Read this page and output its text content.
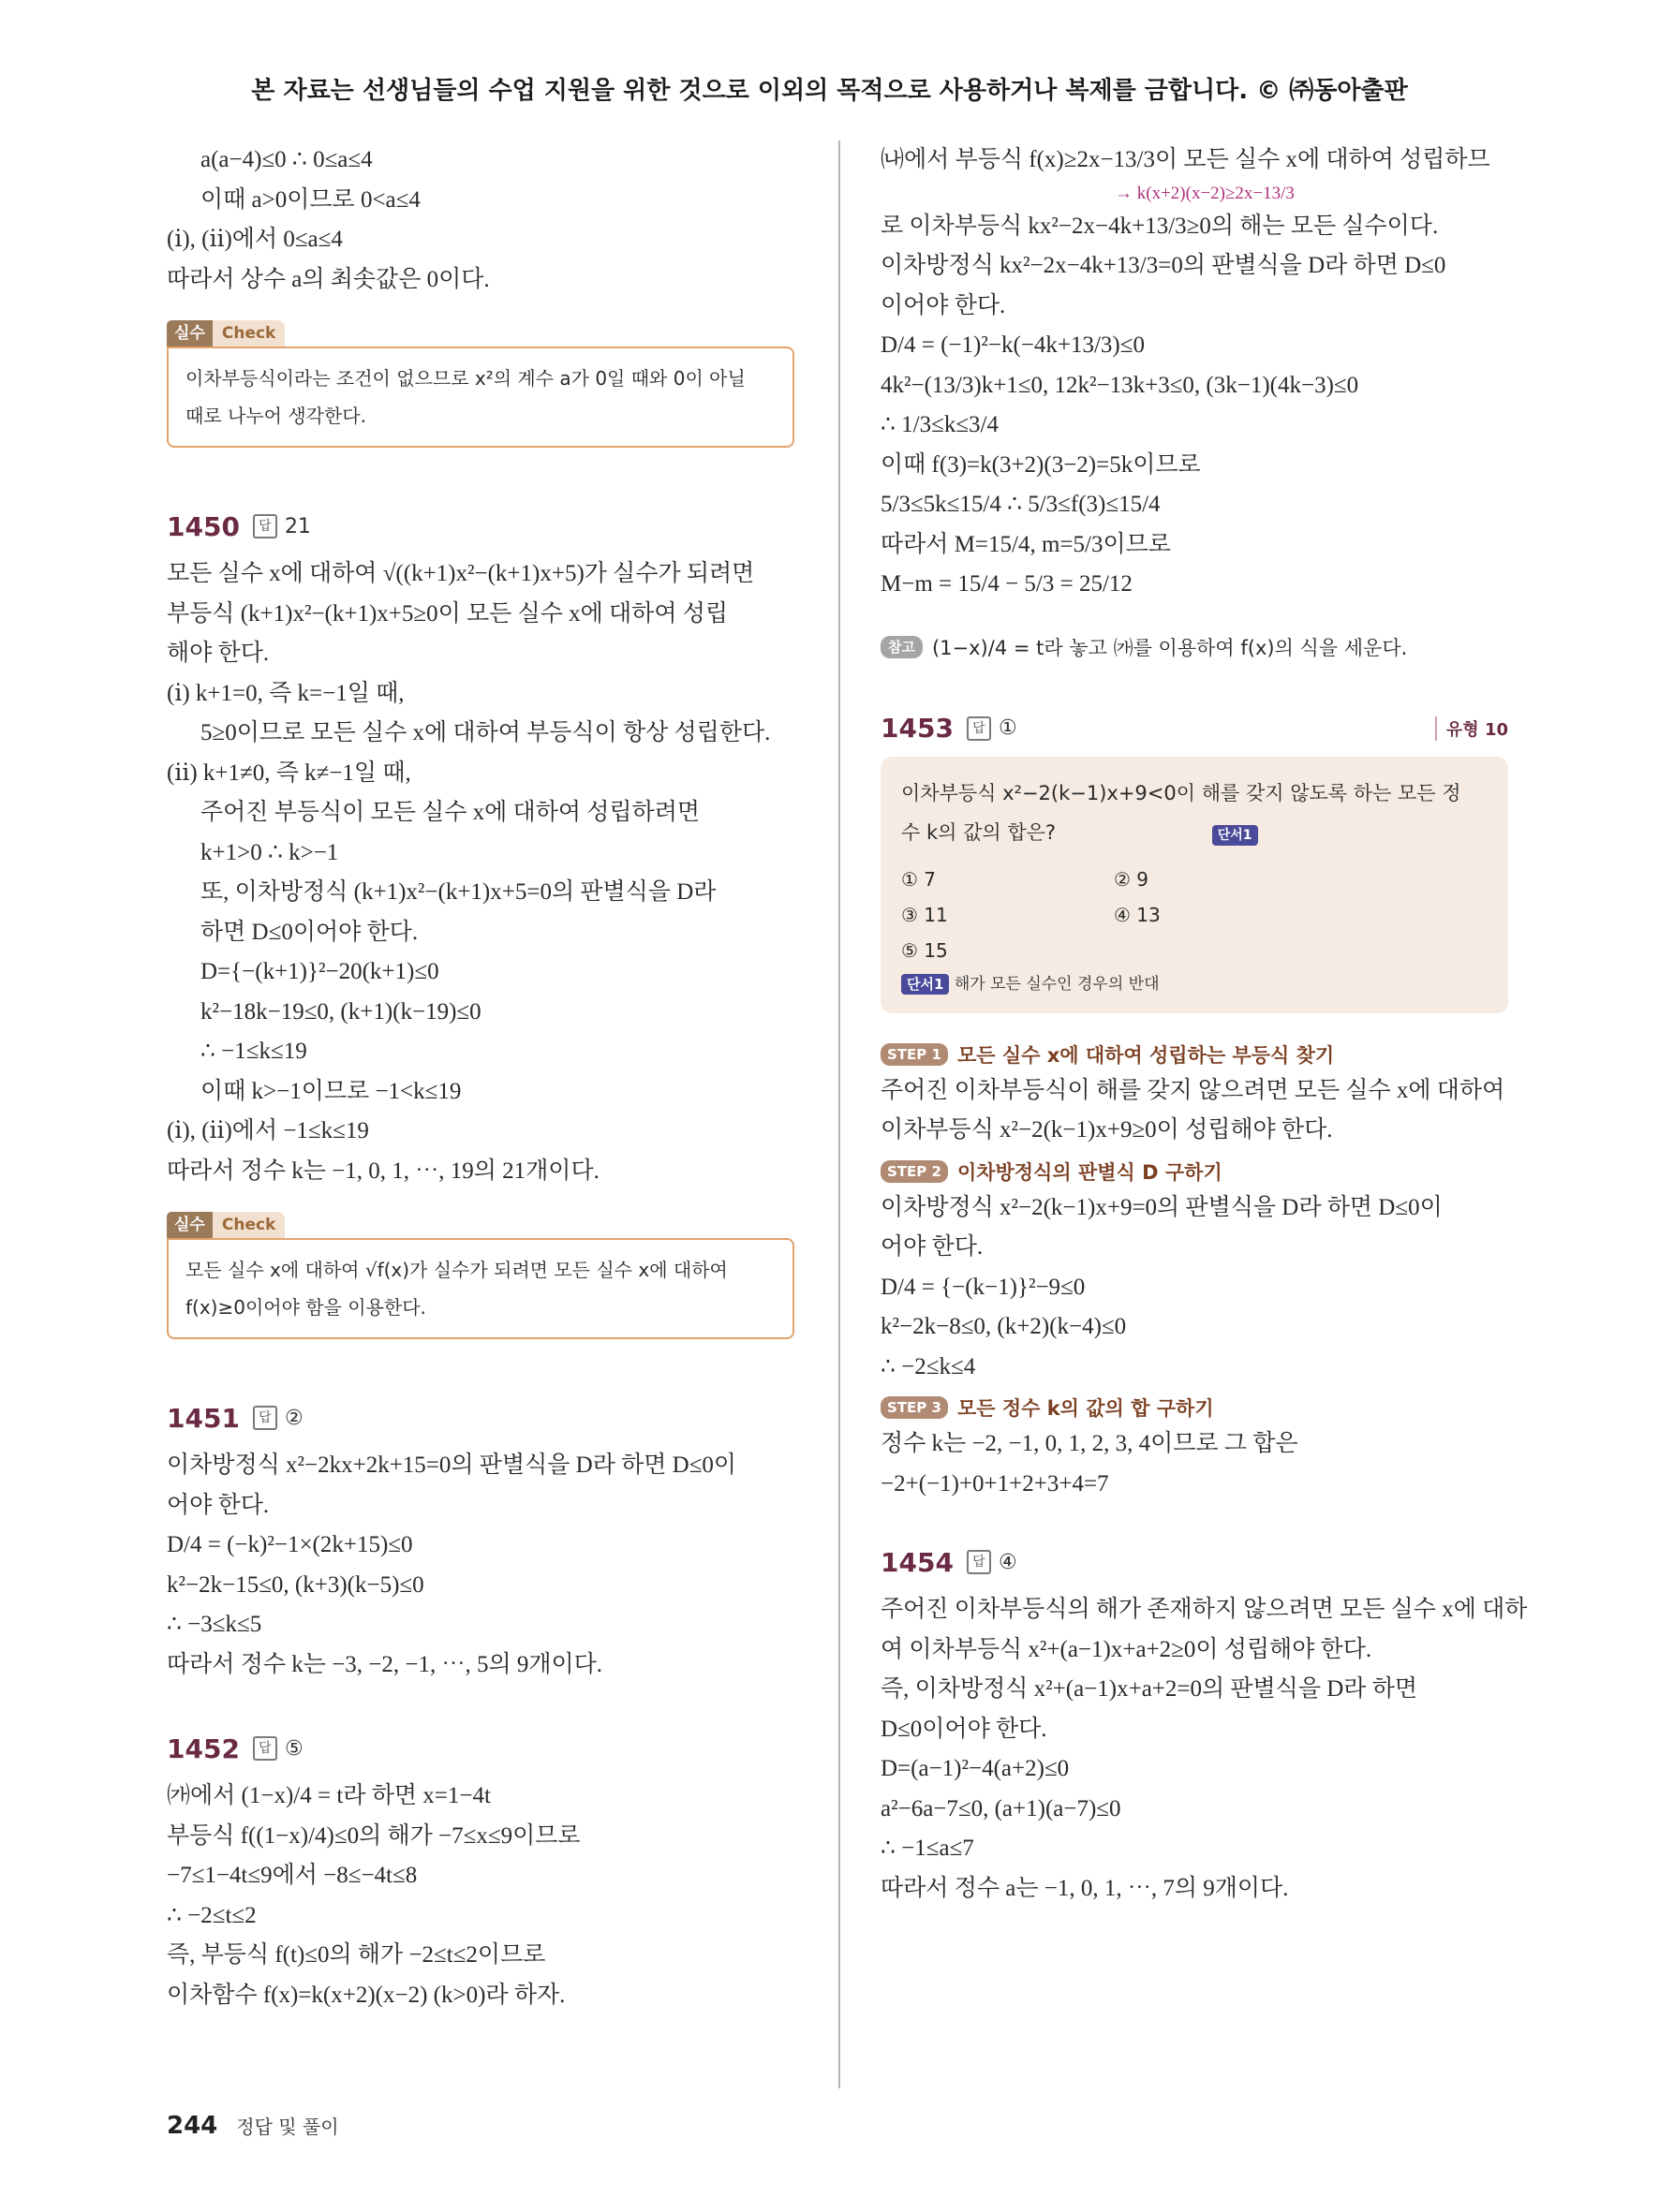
본 자료는 선생님들의 수업 지원을 위한 것으로 이외의 목적으로 사용하거나 복제를 금합니다. © ㈜동아출판
a(a−4)≤0 ∴ 0≤a≤4
이때 a>0이므로 0<a≤4
(ⅰ), (ⅱ)에서 0≤a≤4
따라서 상수 a의 최솟값은 0이다.
실수	Check
이차부등식이라는 조건이 없으므로 x²의 계수 a가 0일 때와 0이 아닐
때로 나누어 생각한다.
1450	답 21
모든 실수 x에 대하여 √((k+1)x²−(k+1)x+5)가 실수가 되려면
부등식 (k+1)x²−(k+1)x+5≥0이 모든 실수 x에 대하여 성립
해야 한다.
(ⅰ) k+1=0, 즉 k=−1일 때,
5≥0이므로 모든 실수 x에 대하여 부등식이 항상 성립한다.
(ⅱ) k+1≠0, 즉 k≠−1일 때,
주어진 부등식이 모든 실수 x에 대하여 성립하려면
k+1>0 ∴ k>−1
또, 이차방정식 (k+1)x²−(k+1)x+5=0의 판별식을 D라
하면 D≤0이어야 한다.
D={−(k+1)}²−20(k+1)≤0
k²−18k−19≤0, (k+1)(k−19)≤0
∴ −1≤k≤19
이때 k>−1이므로 −1<k≤19
(ⅰ), (ⅱ)에서 −1≤k≤19
따라서 정수 k는 −1, 0, 1, ⋯, 19의 21개이다.
실수	Check
모든 실수 x에 대하여 √f(x)가 실수가 되려면 모든 실수 x에 대하여
f(x)≥0이어야 함을 이용한다.
1451	답 ②
이차방정식 x²−2kx+2k+15=0의 판별식을 D라 하면 D≤0이
어야 한다.
D/4 = (−k)²−1×(2k+15)≤0
k²−2k−15≤0, (k+3)(k−5)≤0
∴ −3≤k≤5
따라서 정수 k는 −3, −2, −1, ⋯, 5의 9개이다.
1452	답 ⑤
㈎에서 (1−x)/4 = t라 하면 x=1−4t
부등식 f((1−x)/4)≤0의 해가 −7≤x≤9이므로
−7≤1−4t≤9에서 −8≤−4t≤8
∴ −2≤t≤2
즉, 부등식 f(t)≤0의 해가 −2≤t≤2이므로
이차함수 f(x)=k(x+2)(x−2) (k>0)라 하자.
㈏에서 부등식 f(x)≥2x−13/3이 모든 실수 x에 대하여 성립하므
→ k(x+2)(x−2)≥2x−13/3
로 이차부등식 kx²−2x−4k+13/3≥0의 해는 모든 실수이다.
이차방정식 kx²−2x−4k+13/3=0의 판별식을 D라 하면 D≤0
이어야 한다.
D/4 = (−1)²−k(−4k+13/3)≤0
4k²−(13/3)k+1≤0, 12k²−13k+3≤0, (3k−1)(4k−3)≤0
∴ 1/3≤k≤3/4
이때 f(3)=k(3+2)(3−2)=5k이므로
5/3≤5k≤15/4 ∴ 5/3≤f(3)≤15/4
따라서 M=15/4, m=5/3이므로
M−m = 15/4 − 5/3 = 25/12
참고 (1−x)/4 = t라 놓고 ㈎를 이용하여 f(x)의 식을 세운다.
1453	답 ①	유형 10
이차부등식 x²−2(k−1)x+9<0이 해를 갖지 않도록 하는 모든 정
수 k의 값의 합은?	단서1
① 7	② 9
③ 11	④ 13
⑤ 15
단서1 해가 모든 실수인 경우의 반대
STEP 1 모든 실수 x에 대하여 성립하는 부등식 찾기
주어진 이차부등식이 해를 갖지 않으려면 모든 실수 x에 대하여
이차부등식 x²−2(k−1)x+9≥0이 성립해야 한다.
STEP 2 이차방정식의 판별식 D 구하기
이차방정식 x²−2(k−1)x+9=0의 판별식을 D라 하면 D≤0이
어야 한다.
D/4 = {−(k−1)}²−9≤0
k²−2k−8≤0, (k+2)(k−4)≤0
∴ −2≤k≤4
STEP 3 모든 정수 k의 값의 합 구하기
정수 k는 −2, −1, 0, 1, 2, 3, 4이므로 그 합은
−2+(−1)+0+1+2+3+4=7
1454	답 ④
주어진 이차부등식의 해가 존재하지 않으려면 모든 실수 x에 대하
여 이차부등식 x²+(a−1)x+a+2≥0이 성립해야 한다.
즉, 이차방정식 x²+(a−1)x+a+2=0의 판별식을 D라 하면
D≤0이어야 한다.
D=(a−1)²−4(a+2)≤0
a²−6a−7≤0, (a+1)(a−7)≤0
∴ −1≤a≤7
따라서 정수 a는 −1, 0, 1, ⋯, 7의 9개이다.
244 정답 및 풀이
